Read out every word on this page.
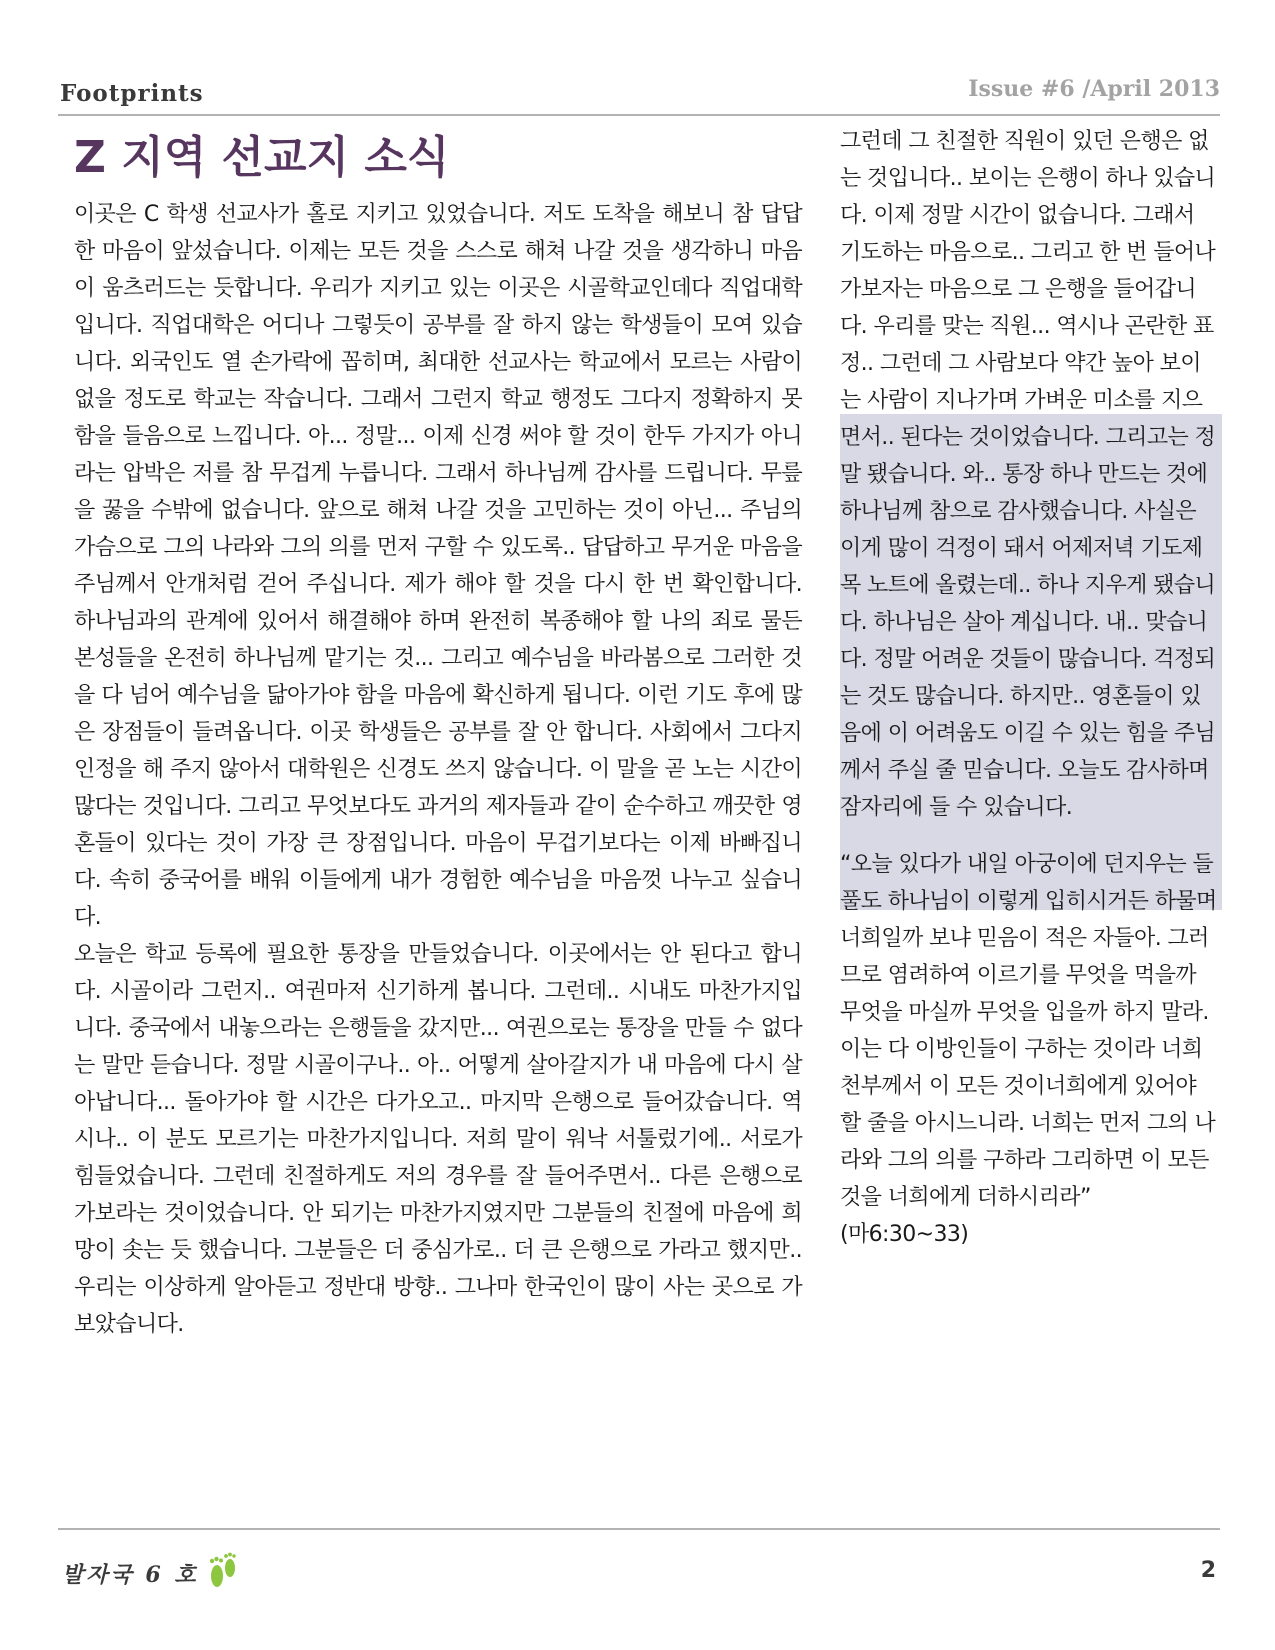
Footprints	Issue #6 /April 2013
Z 지역 선교지 소식

이곳은 C 학생 선교사가 홀로 지키고 있었습니다. 저도 도착을 해보니 참 답답한 마음이 앞섰습니다. 이제는 모든 것을 스스로 해쳐 나갈 것을 생각하니 마음이 움츠러드는 듯합니다. 우리가 지키고 있는 이곳은 시골학교인데다 직업대학입니다. 직업대학은 어디나 그렇듯이 공부를 잘 하지 않는 학생들이 모여 있습니다. 외국인도 열 손가락에 꼽히며, 최대한 선교사는 학교에서 모르는 사람이 없을 정도로 학교는 작습니다. 그래서 그런지 학교 행정도 그다지 정확하지 못함을 들음으로 느낍니다. 아... 정말... 이제 신경 써야 할 것이 한두 가지가 아니라는 압박은 저를 참 무겁게 누릅니다. 그래서 하나님께 감사를 드립니다. 무릎을 꿇을 수밖에 없습니다. 앞으로 해쳐 나갈 것을 고민하는 것이 아닌... 주님의 가슴으로 그의 나라와 그의 의를 먼저 구할 수 있도록.. 답답하고 무거운 마음을 주님께서 안개처럼 걷어 주십니다. 제가 해야 할 것을 다시 한 번 확인합니다. 하나님과의 관계에 있어서 해결해야 하며 완전히 복종해야 할 나의 죄로 물든 본성들을 온전히 하나님께 맡기는 것... 그리고 예수님을 바라봄으로 그러한 것을 다 넘어 예수님을 닮아가야 함을 마음에 확신하게 됩니다. 이런 기도 후에 많은 장점들이 들려옵니다. 이곳 학생들은 공부를 잘 안 합니다. 사회에서 그다지 인정을 해 주지 않아서 대학원은 신경도 쓰지 않습니다. 이 말을 곧 노는 시간이 많다는 것입니다. 그리고 무엇보다도 과거의 제자들과 같이 순수하고 깨끗한 영혼들이 있다는 것이 가장 큰 장점입니다. 마음이 무겁기보다는 이제 바빠집니다. 속히 중국어를 배워 이들에게 내가 경험한 예수님을 마음껏 나누고 싶습니다.

오늘은 학교 등록에 필요한 통장을 만들었습니다. 이곳에서는 안 된다고 합니다. 시골이라 그런지.. 여권마저 신기하게 봅니다. 그런데.. 시내도 마찬가지입니다. 중국에서 내놓으라는 은행들을 갔지만... 여권으로는 통장을 만들 수 없다는 말만 듣습니다. 정말 시골이구나.. 아.. 어떻게 살아갈지가 내 마음에 다시 살아납니다... 돌아가야 할 시간은 다가오고.. 마지막 은행으로 들어갔습니다. 역시나.. 이 분도 모르기는 마찬가지입니다. 저희 말이 워낙 서툴렀기에.. 서로가 힘들었습니다. 그런데 친절하게도 저의 경우를 잘 들어주면서.. 다른 은행으로 가보라는 것이었습니다. 안 되기는 마찬가지였지만 그분들의 친절에 마음에 희망이 솟는 듯 했습니다. 그분들은 더 중심가로.. 더 큰 은행으로 가라고 했지만.. 우리는 이상하게 알아듣고 정반대 방향.. 그나마 한국인이 많이 사는 곳으로 가보았습니다.

그런데 그 친절한 직원이 있던 은행은 없는 것입니다.. 보이는 은행이 하나 있습니다. 이제 정말 시간이 없습니다. 그래서 기도하는 마음으로.. 그리고 한 번 들어나 가보자는 마음으로 그 은행을 들어갑니다. 우리를 맞는 직원... 역시나 곤란한 표정.. 그런데 그 사람보다 약간 높아 보이는 사람이 지나가며 가벼운 미소를 지으면서.. 된다는 것이었습니다. 그리고는 정말 됐습니다. 와.. 통장 하나 만드는 것에 하나님께 참으로 감사했습니다. 사실은 이게 많이 걱정이 돼서 어제저녁 기도제목 노트에 올렸는데.. 하나 지우게 됐습니다. 하나님은 살아 계십니다. 내.. 맞습니다. 정말 어려운 것들이 많습니다. 걱정되는 것도 많습니다. 하지만.. 영혼들이 있음에 이 어려움도 이길 수 있는 힘을 주님께서 주실 줄 믿습니다. 오늘도 감사하며 잠자리에 들 수 있습니다.

“오늘 있다가 내일 아궁이에 던지우는 들풀도 하나님이 이렇게 입히시거든 하물며 너희일까 보냐 믿음이 적은 자들아. 그러므로 염려하여 이르기를 무엇을 먹을까 무엇을 마실까 무엇을 입을까 하지 말라. 이는 다 이방인들이 구하는 것이라 너희 천부께서 이 모든 것이너희에게 있어야 할 줄을 아시느니라. 너희는 먼저 그의 나라와 그의 의를 구하라 그리하면 이 모든 것을 너희에게 더하시리라”

(마6:30~33)

발자국 6 호	2
